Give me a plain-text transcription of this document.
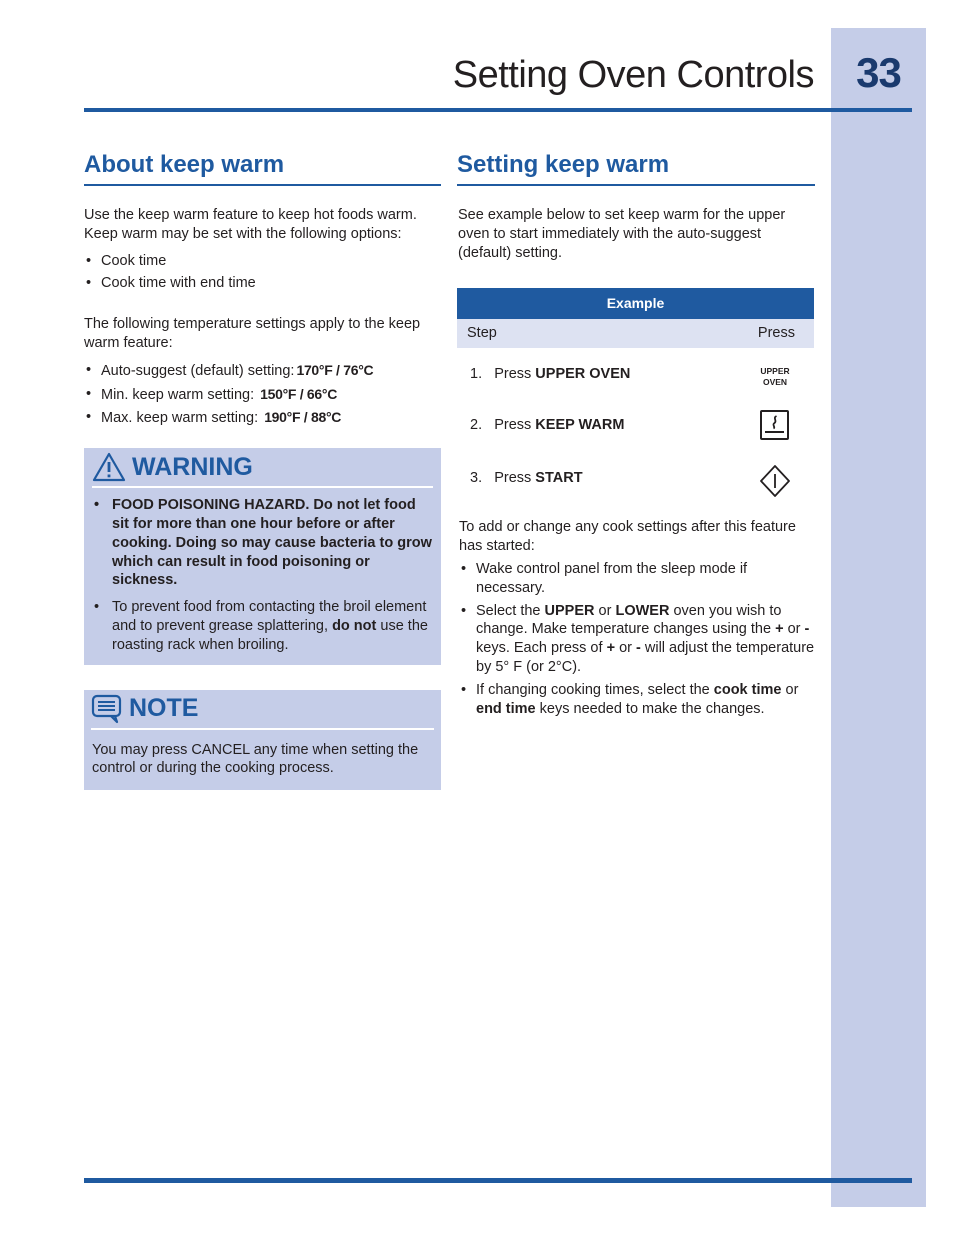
33
Setting Oven Controls
About keep warm

Use the keep warm feature to keep hot foods warm. Keep warm may be set with the following options:

• Cook time
• Cook time with end time

The following temperature settings apply to the keep warm feature:

• Auto-suggest (default) setting: 170°F / 76°C
• Min. keep warm setting: 150°F / 66°C
• Max. keep warm setting: 190°F / 88°C
WARNING
• FOOD POISONING HAZARD. Do not let food sit for more than one hour before or after cooking. Doing so may cause bacteria to grow which can result in food poisoning or sickness.
• To prevent food from contacting the broil element and to prevent grease splattering, do not use the roasting rack when broiling.
NOTE

You may press CANCEL any time when setting the control or during the cooking process.

Setting keep warm

See example below to set keep warm for the upper oven to start immediately with the auto-suggest (default) setting.

Example
Step	Press
1. Press UPPER OVEN	UPPER
OVEN
2. Press KEEP WARM
3. Press START

To add or change any cook settings after this feature has started:

• Wake control panel from the sleep mode if necessary.
• Select the UPPER or LOWER oven you wish to change. Make temperature changes using the + or - keys. Each press of + or - will adjust the temperature by 5° F (or 2°C).
• If changing cooking times, select the cook time or end time keys needed to make the changes.
